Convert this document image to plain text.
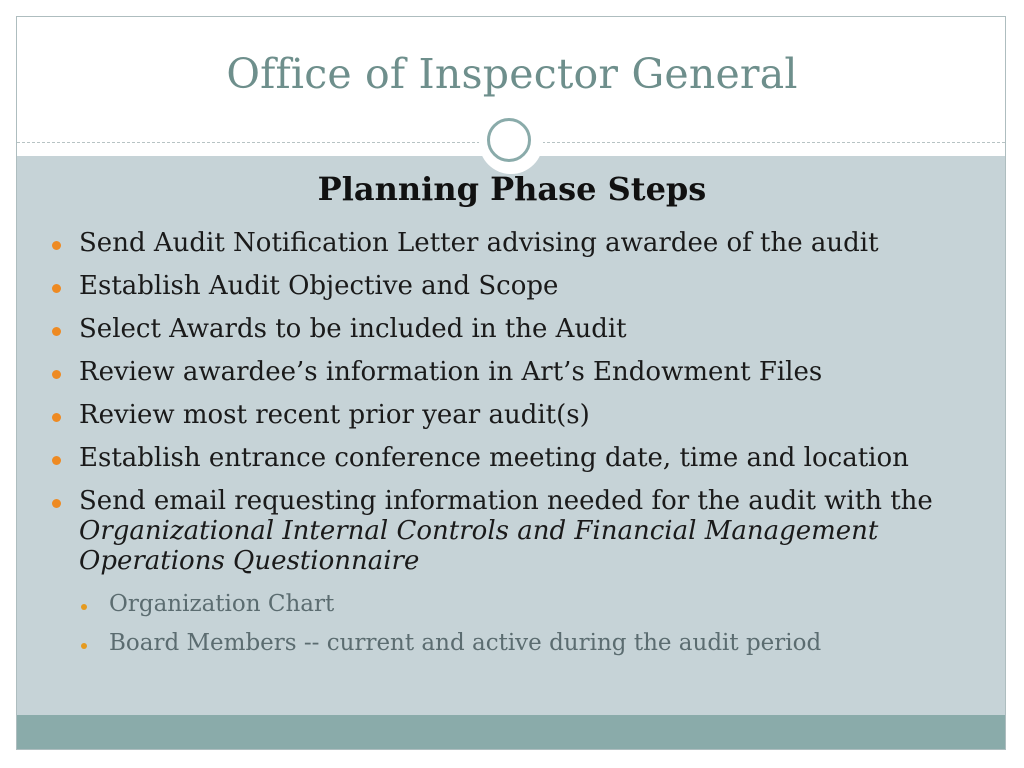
Office of Inspector General
Planning Phase Steps
Send Audit Notification Letter advising awardee of the audit
Establish Audit Objective and Scope
Select Awards to be included in the Audit
Review awardee’s information in Art’s Endowment Files
Review most recent prior year audit(s)
Establish entrance conference meeting date, time and location
Send email requesting information needed for the audit with the Organizational Internal Controls and Financial Management Operations Questionnaire
Organization Chart
Board Members -- current and active during the audit period
